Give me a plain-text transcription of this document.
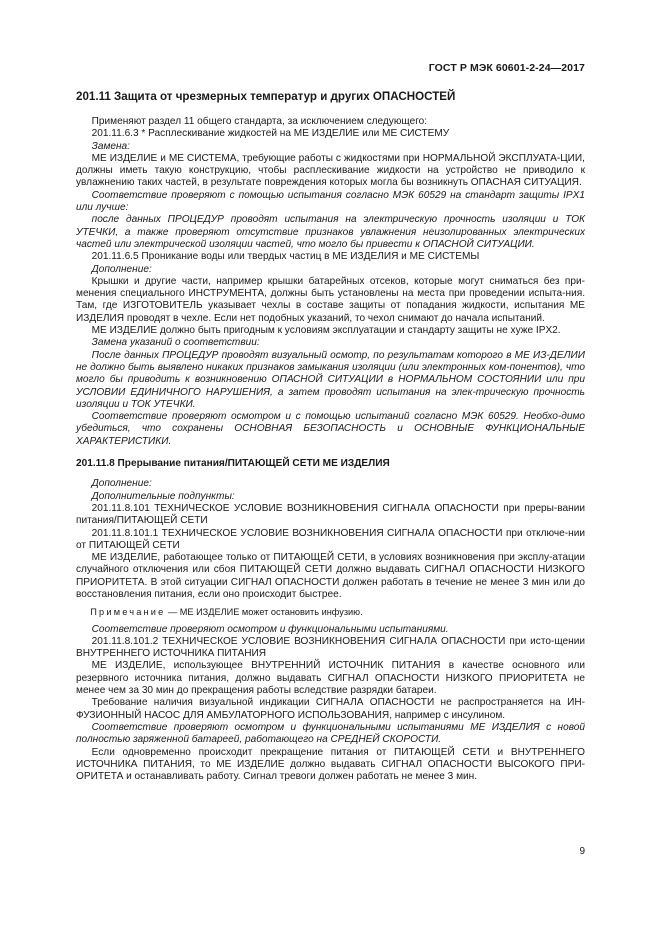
ГОСТ Р МЭК 60601-2-24—2017
201.11 Защита от чрезмерных температур и других ОПАСНОСТЕЙ

Применяют раздел 11 общего стандарта, за исключением следующего:

201.11.6.3 * Расплескивание жидкостей на МЕ ИЗДЕЛИЕ или МЕ СИСТЕМУ

Замена:

МЕ ИЗДЕЛИЕ и МЕ СИСТЕМА, требующие работы с жидкостями при НОРМАЛЬНОЙ ЭКСПЛУАТА-ЦИИ, должны иметь такую конструкцию, чтобы расплескивание жидкости на устройство не приводило к увлажнению таких частей, в результате повреждения которых могла бы возникнуть ОПАСНАЯ СИТУАЦИЯ.

Соответствие проверяют с помощью испытания согласно МЭК 60529 на стандарт защиты IPX1 или лучше:

после данных ПРОЦЕДУР проводят испытания на электрическую прочность изоляции и ТОК УТЕЧКИ, а также проверяют отсутствие признаков увлажнения неизолированных электрических частей или электрической изоляции частей, что могло бы привести к ОПАСНОЙ СИТУАЦИИ.

201.11.6.5 Проникание воды или твердых частиц в МЕ ИЗДЕЛИЯ и МЕ СИСТЕМЫ

Дополнение:

Крышки и другие части, например крышки батарейных отсеков, которые могут сниматься без при-менения специального ИНСТРУМЕНТА, должны быть установлены на места при проведении испыта-ния. Там, где ИЗГОТОВИТЕЛЬ указывает чехлы в составе защиты от попадания жидкости, испытания МЕ ИЗДЕЛИЯ проводят в чехле. Если нет подобных указаний, то чехол снимают до начала испытаний.

МЕ ИЗДЕЛИЕ должно быть пригодным к условиям эксплуатации и стандарту защиты не хуже IPX2.

Замена указаний о соответствии:

После данных ПРОЦЕДУР проводят визуальный осмотр, по результатам которого в МЕ ИЗ-ДЕЛИИ не должно быть выявлено никаких признаков замыкания изоляции (или электронных ком-понентов), что могло бы приводить к возникновению ОПАСНОЙ СИТУАЦИИ в НОРМАЛЬНОМ СОСТОЯНИИ или при УСЛОВИИ ЕДИНИЧНОГО НАРУШЕНИЯ, а затем проводят испытания на элек-трическую прочность изоляции и ТОК УТЕЧКИ.

Соответствие проверяют осмотром и с помощью испытаний согласно МЭК 60529. Необхо-димо убедиться, что сохранены ОСНОВНАЯ БЕЗОПАСНОСТЬ и ОСНОВНЫЕ ФУНКЦИОНАЛЬНЫЕ ХАРАКТЕРИСТИКИ.

201.11.8 Прерывание питания/ПИТАЮЩЕЙ СЕТИ МЕ ИЗДЕЛИЯ

Дополнение:

Дополнительные подпункты:

201.11.8.101 ТЕХНИЧЕСКОЕ УСЛОВИЕ ВОЗНИКНОВЕНИЯ СИГНАЛА ОПАСНОСТИ при преры-вании питания/ПИТАЮЩЕЙ СЕТИ

201.11.8.101.1 ТЕХНИЧЕСКОЕ УСЛОВИЕ ВОЗНИКНОВЕНИЯ СИГНАЛА ОПАСНОСТИ при отключе-нии от ПИТАЮЩЕЙ СЕТИ

МЕ ИЗДЕЛИЕ, работающее только от ПИТАЮЩЕЙ СЕТИ, в условиях возникновения при эксплу-атации случайного отключения или сбоя ПИТАЮЩЕЙ СЕТИ должно выдавать СИГНАЛ ОПАСНОСТИ НИЗКОГО ПРИОРИТЕТА. В этой ситуации СИГНАЛ ОПАСНОСТИ должен работать в течение не менее 3 мин или до восстановления питания, если оно происходит быстрее.

Примечание — МЕ ИЗДЕЛИЕ может остановить инфузию.

Соответствие проверяют осмотром и функциональными испытаниями.

201.11.8.101.2 ТЕХНИЧЕСКОЕ УСЛОВИЕ ВОЗНИКНОВЕНИЯ СИГНАЛА ОПАСНОСТИ при исто-щении ВНУТРЕННЕГО ИСТОЧНИКА ПИТАНИЯ

МЕ ИЗДЕЛИЕ, использующее ВНУТРЕННИЙ ИСТОЧНИК ПИТАНИЯ в качестве основного или резервного источника питания, должно выдавать СИГНАЛ ОПАСНОСТИ НИЗКОГО ПРИОРИТЕТА не менее чем за 30 мин до прекращения работы вследствие разрядки батареи.

Требование наличия визуальной индикации СИГНАЛА ОПАСНОСТИ не распространяется на ИН-ФУЗИОННЫЙ НАСОС ДЛЯ АМБУЛАТОРНОГО ИСПОЛЬЗОВАНИЯ, например с инсулином.

Соответствие проверяют осмотром и функциональными испытаниями МЕ ИЗДЕЛИЯ с новой полностью заряженной батареей, работающего на СРЕДНЕЙ СКОРОСТИ.

Если одновременно происходит прекращение питания от ПИТАЮЩЕЙ СЕТИ и ВНУТРЕННЕГО ИСТОЧНИКА ПИТАНИЯ, то МЕ ИЗДЕЛИЕ должно выдавать СИГНАЛ ОПАСНОСТИ ВЫСОКОГО ПРИ-ОРИТЕТА и останавливать работу. Сигнал тревоги должен работать не менее 3 мин.

9
